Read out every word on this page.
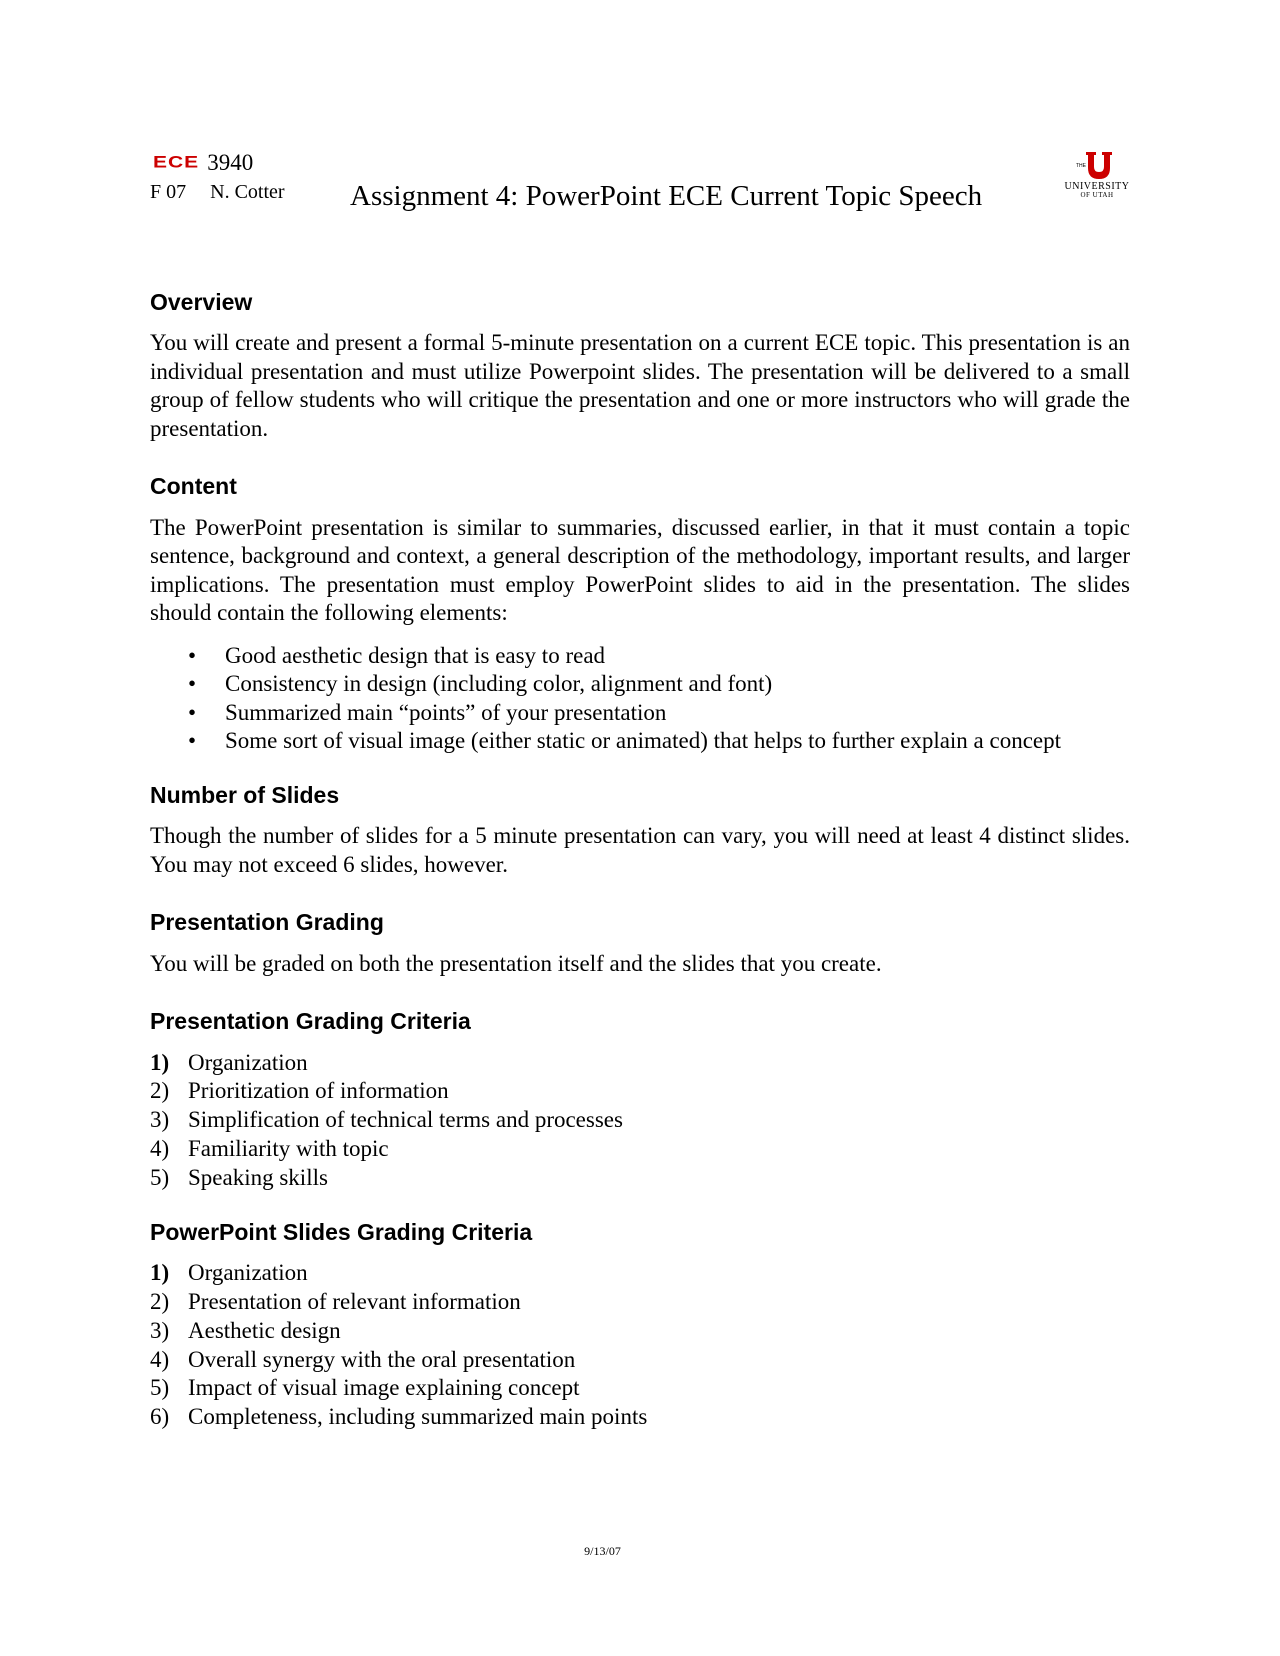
ECE 3940
F 07 N. Cotter Assignment 4: PowerPoint ECE Current Topic Speech
THE
UNIVERSITY
OF UTAH
Overview

You will create and present a formal 5-minute presentation on a current ECE topic. This presentation is an individual presentation and must utilize Powerpoint slides. The presentation will be delivered to a small group of fellow students who will critique the presentation and one or more instructors who will grade the presentation.

Content

The PowerPoint presentation is similar to summaries, discussed earlier, in that it must contain a topic sentence, background and context, a general description of the methodology, important results, and larger implications. The presentation must employ PowerPoint slides to aid in the presentation. The slides should contain the following elements:

• Good aesthetic design that is easy to read
• Consistency in design (including color, alignment and font)
• Summarized main “points” of your presentation
• Some sort of visual image (either static or animated) that helps to further explain a concept
Number of Slides

Though the number of slides for a 5 minute presentation can vary, you will need at least 4 distinct slides. You may not exceed 6 slides, however.

Presentation Grading

You will be graded on both the presentation itself and the slides that you create.

Presentation Grading Criteria
1) Organization
2) Prioritization of information
3) Simplification of technical terms and processes
4) Familiarity with topic
5) Speaking skills
PowerPoint Slides Grading Criteria
1) Organization
2) Presentation of relevant information
3) Aesthetic design
4) Overall synergy with the oral presentation
5) Impact of visual image explaining concept
6) Completeness, including summarized main points
9/13/07
